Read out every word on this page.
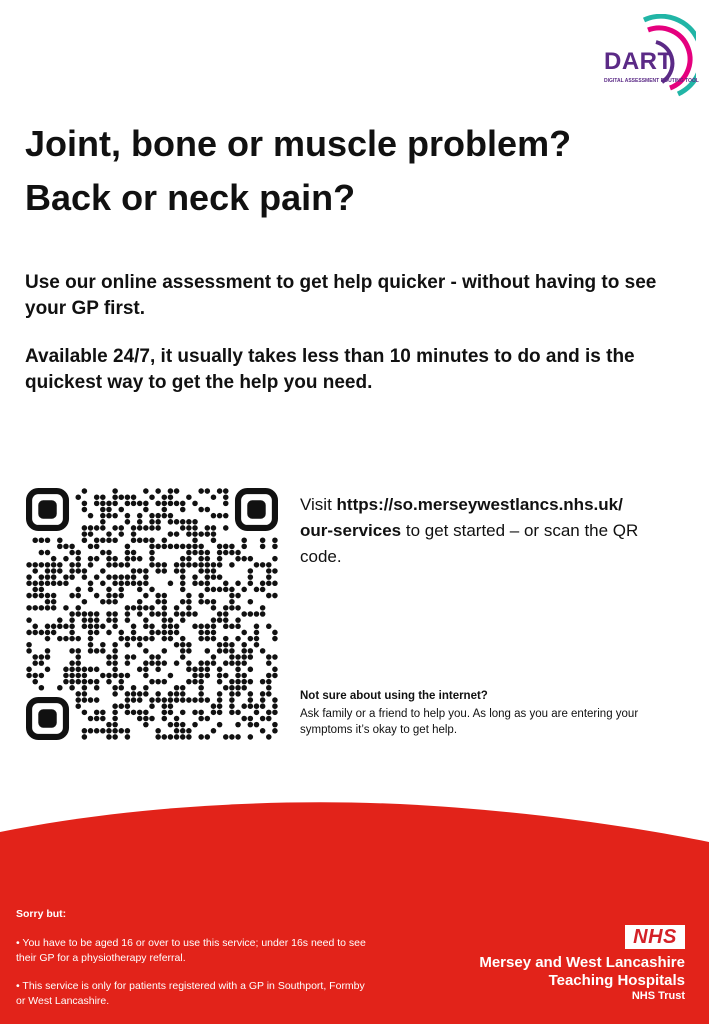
DART
DIGITAL ASSESSMENT ROUTING TOOL
Joint, bone or muscle problem?
Back or neck pain?

Use our online assessment to get help quicker - without having to see your GP first.

Available 24/7, it usually takes less than 10 minutes to do and is the quickest way to get the help you need.

Visit https://so.merseywestlancs.nhs.uk/
our-services to get started – or scan the QR code.
Not sure about using the internet?
Ask family or a friend to help you. As long as you are entering your symptoms it’s okay to get help.
Sorry but:
• You have to be aged 16 or over to use this service; under 16s need to see their GP for a physiotherapy referral.
• This service is only for patients registered with a GP in Southport, Formby or West Lancashire.
NHS
Mersey and West Lancashire
Teaching Hospitals
NHS Trust
